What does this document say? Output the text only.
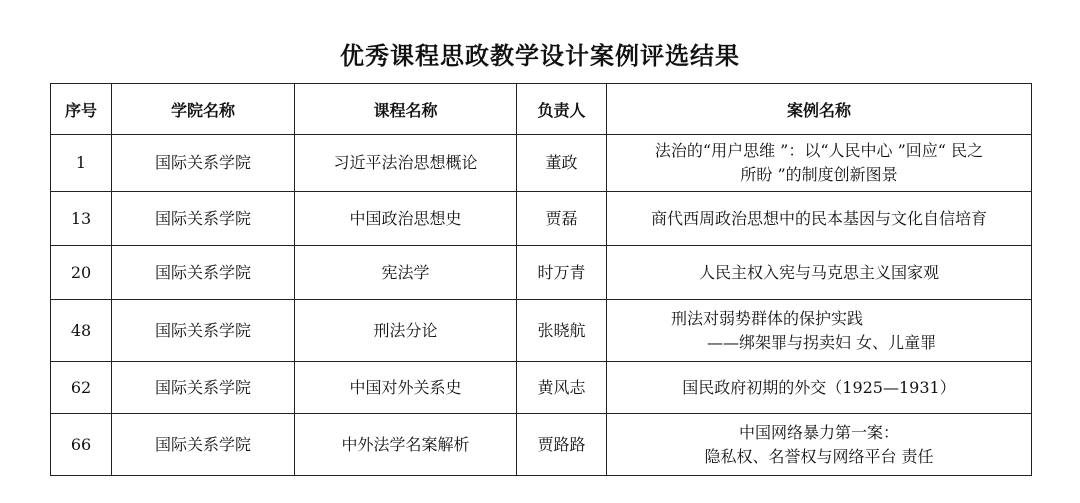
优秀课程思政教学设计案例评选结果
序号	学院名称	课程名称	负责人	案例名称
1	国际关系学院	习近平法治思想概论	董政	法治的“用户思维 ”：以“人民中心 ”回应“ 民之
所盼 ”的制度创新图景

13	国际关系学院	中国政治思想史	贾磊	商代西周政治思想中的民本基因与文化自信培育

20	国际关系学院	宪法学	时万青	人民主权入宪与马克思主义国家观

48	国际关系学院	刑法分论	张晓航	刑法对弱势群体的保护实践
——绑架罪与拐卖妇 女、儿童罪

62	国际关系学院	中国对外关系史	黄风志	国民政府初期的外交（1925—1931）

66	国际关系学院	中外法学名案解析	贾路路	中国网络暴力第一案：
隐私权、名誉权与网络平台 责任
